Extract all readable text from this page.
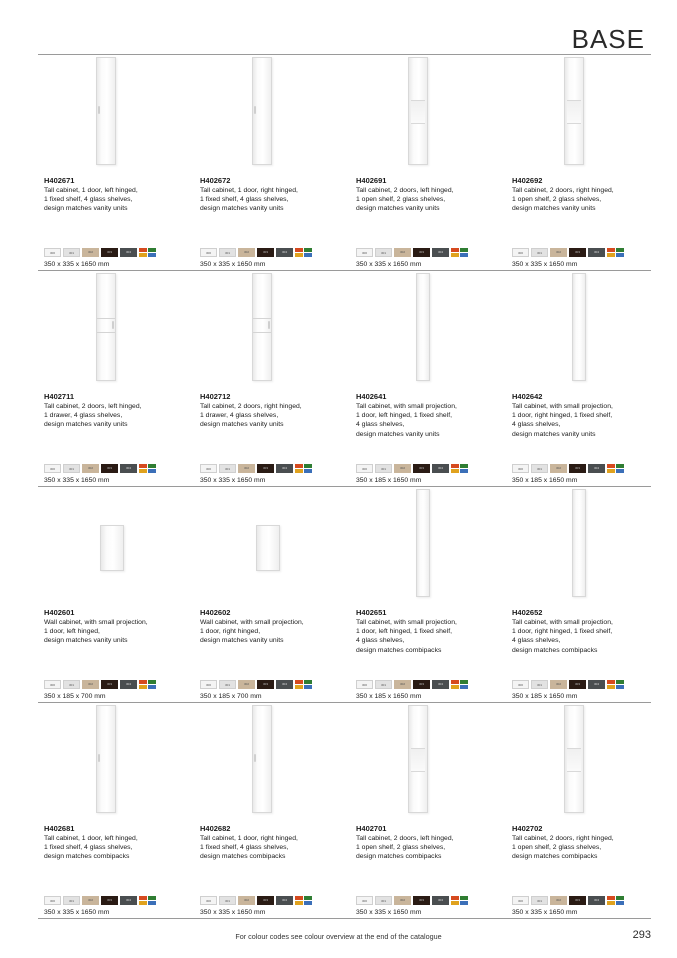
BASE
H402671
Tall cabinet, 1 door, left hinged,
1 fixed shelf, 4 glass shelves,
design matches vanity units
300	301	302	303	304
350 x 335 x 1650 mm
H402672
Tall cabinet, 1 door, right hinged,
1 fixed shelf, 4 glass shelves,
design matches vanity units
300	301	302	303	304
350 x 335 x 1650 mm
H402691
Tall cabinet, 2 doors, left hinged,
1 open shelf, 2 glass shelves,
design matches vanity units
300	301	302	303	304
350 x 335 x 1650 mm
H402692
Tall cabinet, 2 doors, right hinged,
1 open shelf, 2 glass shelves,
design matches vanity units
300	301	302	303	304
350 x 335 x 1650 mm
H402711
Tall cabinet, 2 doors, left hinged,
1 drawer, 4 glass shelves,
design matches vanity units
300	301	302	303	304
350 x 335 x 1650 mm
H402712
Tall cabinet, 2 doors, right hinged,
1 drawer, 4 glass shelves,
design matches vanity units
300	301	302	303	304
350 x 335 x 1650 mm
H402641
Tall cabinet, with small projection,
1 door, left hinged, 1 fixed shelf,
4 glass shelves,
design matches vanity units
300	301	302	303	304
350 x 185 x 1650 mm
H402642
Tall cabinet, with small projection,
1 door, right hinged, 1 fixed shelf,
4 glass shelves,
design matches vanity units
300	301	302	303	304
350 x 185 x 1650 mm
H402601
Wall cabinet, with small projection,
1 door, left hinged,
design matches vanity units
300	301	302	303	304
350 x 185 x 700 mm
H402602
Wall cabinet, with small projection,
1 door, right hinged,
design matches vanity units
300	301	302	303	304
350 x 185 x 700 mm
H402651
Tall cabinet, with small projection,
1 door, left hinged, 1 fixed shelf,
4 glass shelves,
design matches combipacks
300	301	302	303	304
350 x 185 x 1650 mm
H402652
Tall cabinet, with small projection,
1 door, right hinged, 1 fixed shelf,
4 glass shelves,
design matches combipacks
300	301	302	303	304
350 x 185 x 1650 mm
H402681
Tall cabinet, 1 door, left hinged,
1 fixed shelf, 4 glass shelves,
design matches combipacks
300	301	302	303	304
350 x 335 x 1650 mm
H402682
Tall cabinet, 1 door, right hinged,
1 fixed shelf, 4 glass shelves,
design matches combipacks
300	301	302	303	304
350 x 335 x 1650 mm
H402701
Tall cabinet, 2 doors, left hinged,
1 open shelf, 2 glass shelves,
design matches combipacks
300	301	302	303	304
350 x 335 x 1650 mm
H402702
Tall cabinet, 2 doors, right hinged,
1 open shelf, 2 glass shelves,
design matches combipacks
300	301	302	303	304
350 x 335 x 1650 mm
For colour codes see colour overview at the end of the catalogue	293
